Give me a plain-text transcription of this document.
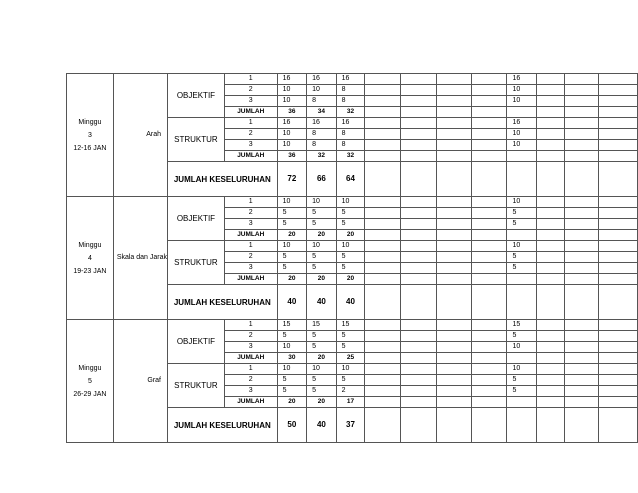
Minggu
3
12-16 JAN	Arah	OBJEKTIF	1	16	16	16					16			
			2	10	10	8					10			
			3	10	8	8					10			
			JUMLAH	36	34	32								
		STRUKTUR	1	16	16	16					16			
			2	10	8	8					10			
			3	10	8	8					10			
			JUMLAH	36	32	32								
		JUMLAH KESELURUHAN		72	66	64								

Minggu
4
19-23 JAN	Skala dan Jarak	OBJEKTIF	1	10	10	10					10			
			2	5	5	5					5			
			3	5	5	5					5			
			JUMLAH	20	20	20								
		STRUKTUR	1	10	10	10					10			
			2	5	5	5					5			
			3	5	5	5					5			
			JUMLAH	20	20	20								
		JUMLAH KESELURUHAN		40	40	40								

Minggu
5
26-29 JAN	Graf	OBJEKTIF	1	15	15	15					15			
			2	5	5	5					5			
			3	10	5	5					10			
			JUMLAH	30	20	25								
		STRUKTUR	1	10	10	10					10			
			2	5	5	5					5			
			3	5	5	2					5			
			JUMLAH	20	20	17								
		JUMLAH KESELURUHAN		50	40	37								
